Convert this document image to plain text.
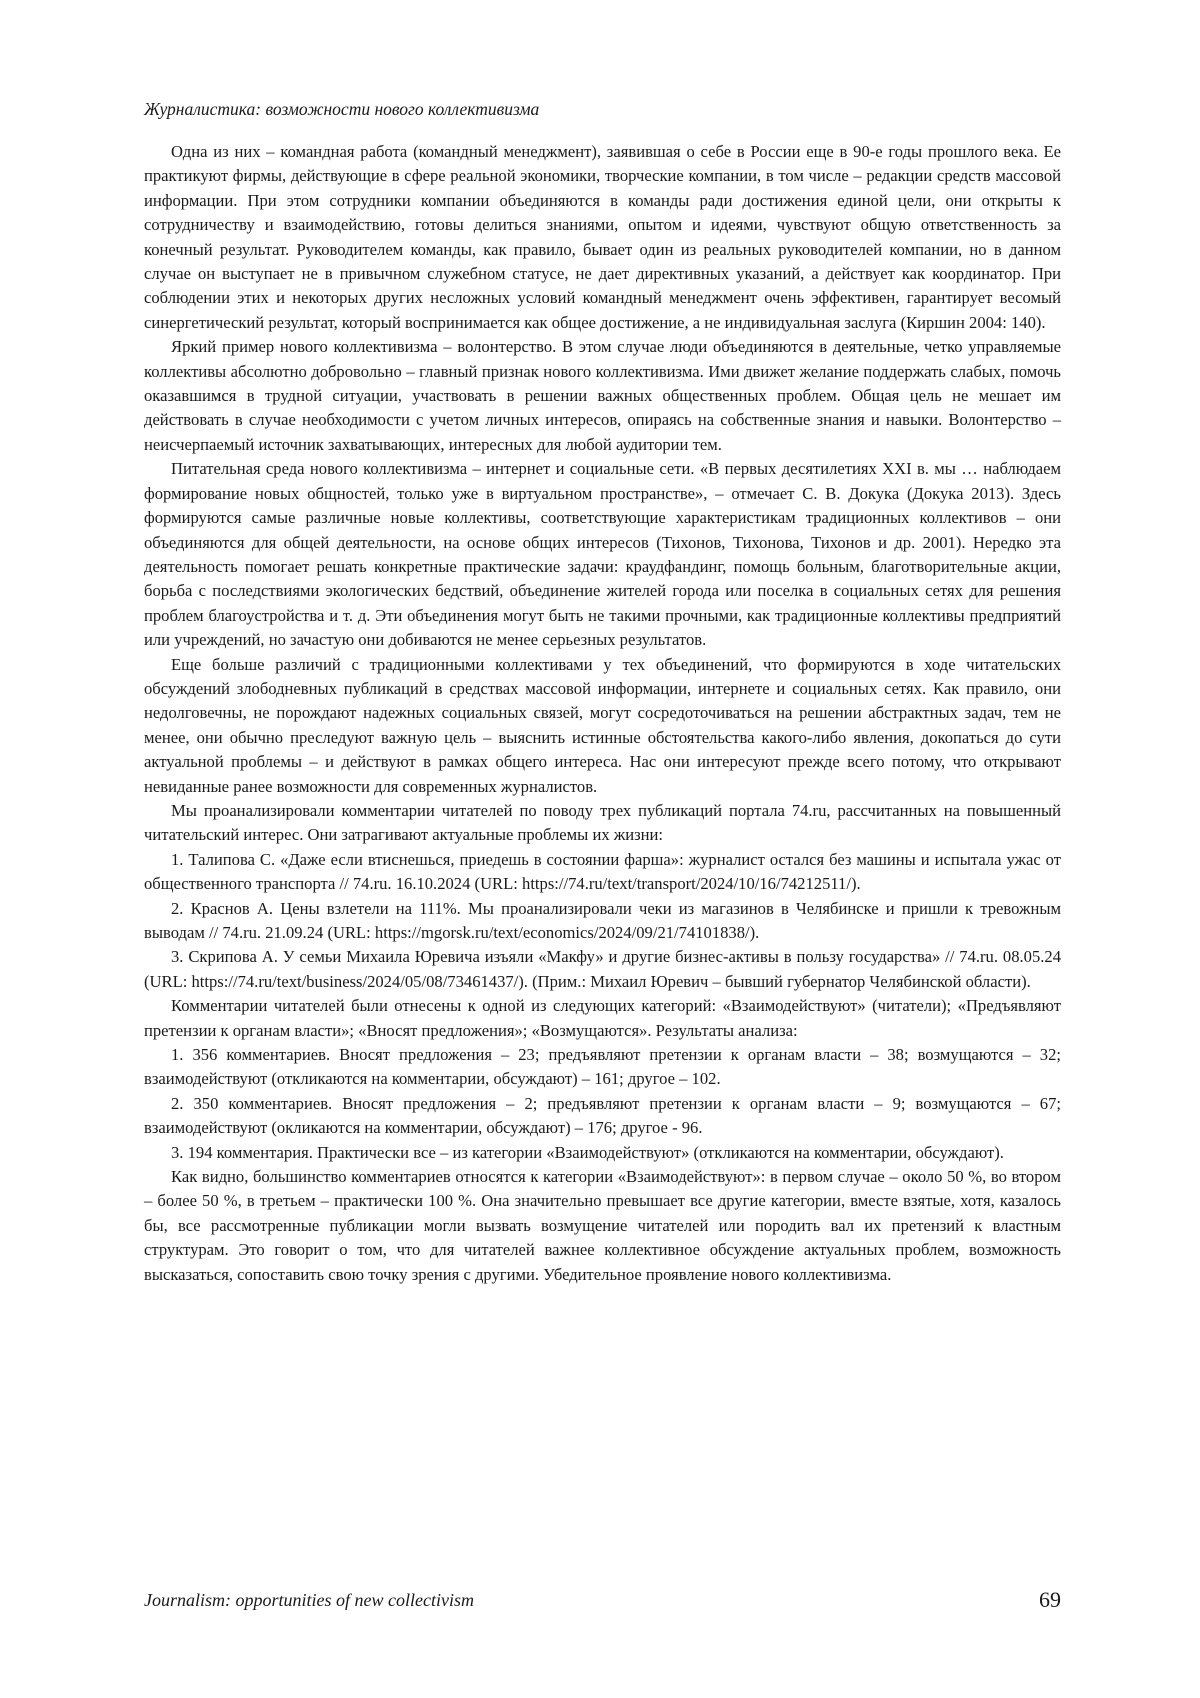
Журналистика: возможности нового коллективизма

Одна из них – командная работа (командный менеджмент), заявившая о себе в России еще в 90-е годы прошлого века. Ее практикуют фирмы, действующие в сфере реальной экономики, творческие компании, в том числе – редакции средств массовой информации. При этом сотрудники компании объединяются в команды ради достижения единой цели, они открыты к сотрудничеству и взаимодействию, готовы делиться знаниями, опытом и идеями, чувствуют общую ответственность за конечный результат. Руководителем команды, как правило, бывает один из реальных руководителей компании, но в данном случае он выступает не в привычном служебном статусе, не дает директивных указаний, а действует как координатор. При соблюдении этих и некоторых других несложных условий командный менеджмент очень эффективен, гарантирует весомый синергетический результат, который воспринимается как общее достижение, а не индивидуальная заслуга (Киршин 2004: 140).

Яркий пример нового коллективизма – волонтерство. В этом случае люди объединяются в деятельные, четко управляемые коллективы абсолютно добровольно – главный признак нового коллективизма. Ими движет желание поддержать слабых, помочь оказавшимся в трудной ситуации, участвовать в решении важных общественных проблем. Общая цель не мешает им действовать в случае необходимости с учетом личных интересов, опираясь на собственные знания и навыки. Волонтерство – неисчерпаемый источник захватывающих, интересных для любой аудитории тем.

Питательная среда нового коллективизма – интернет и социальные сети. «В первых десятилетиях XXI в. мы … наблюдаем формирование новых общностей, только уже в виртуальном пространстве», – отмечает С. В. Докука (Докука 2013). Здесь формируются самые различные новые коллективы, соответствующие характеристикам традиционных коллективов – они объединяются для общей деятельности, на основе общих интересов (Тихонов, Тихонова, Тихонов и др. 2001). Нередко эта деятельность помогает решать конкретные практические задачи: краудфандинг, помощь больным, благотворительные акции, борьба с последствиями экологических бедствий, объединение жителей города или поселка в социальных сетях для решения проблем благоустройства и т. д. Эти объединения могут быть не такими прочными, как традиционные коллективы предприятий или учреждений, но зачастую они добиваются не менее серьезных результатов.

Еще больше различий с традиционными коллективами у тех объединений, что формируются в ходе читательских обсуждений злободневных публикаций в средствах массовой информации, интернете и социальных сетях. Как правило, они недолговечны, не порождают надежных социальных связей, могут сосредоточиваться на решении абстрактных задач, тем не менее, они обычно преследуют важную цель – выяснить истинные обстоятельства какого-либо явления, докопаться до сути актуальной проблемы – и действуют в рамках общего интереса. Нас они интересуют прежде всего потому, что открывают невиданные ранее возможности для современных журналистов.

Мы проанализировали комментарии читателей по поводу трех публикаций портала 74.ru, рассчитанных на повышенный читательский интерес. Они затрагивают актуальные проблемы их жизни:

1. Талипова С. «Даже если втиснешься, приедешь в состоянии фарша»: журналист остался без машины и испытала ужас от общественного транспорта // 74.ru. 16.10.2024 (URL: https://74.ru/text/transport/2024/10/16/74212511/).

2. Краснов А. Цены взлетели на 111%. Мы проанализировали чеки из магазинов в Челябинске и пришли к тревожным выводам // 74.ru. 21.09.24 (URL: https://mgorsk.ru/text/economics/2024/09/21/74101838/).

3. Скрипова А. У семьи Михаила Юревича изъяли «Макфу» и другие бизнес-активы в пользу государства» // 74.ru. 08.05.24 (URL: https://74.ru/text/business/2024/05/08/73461437/). (Прим.: Михаил Юревич – бывший губернатор Челябинской области).

Комментарии читателей были отнесены к одной из следующих категорий: «Взаимодействуют» (читатели); «Предъявляют претензии к органам власти»; «Вносят предложения»; «Возмущаются». Результаты анализа:

1. 356 комментариев. Вносят предложения – 23; предъявляют претензии к органам власти – 38; возмущаются – 32; взаимодействуют (откликаются на комментарии, обсуждают) – 161; другое – 102.

2. 350 комментариев. Вносят предложения – 2; предъявляют претензии к органам власти – 9; возмущаются – 67; взаимодействуют (окликаются на комментарии, обсуждают) – 176; другое - 96.

3. 194 комментария. Практически все – из категории «Взаимодействуют» (откликаются на комментарии, обсуждают).

Как видно, большинство комментариев относятся к категории «Взаимодействуют»: в первом случае – около 50 %, во втором – более 50 %, в третьем – практически 100 %. Она значительно превышает все другие категории, вместе взятые, хотя, казалось бы, все рассмотренные публикации могли вызвать возмущение читателей или породить вал их претензий к властным структурам. Это говорит о том, что для читателей важнее коллективное обсуждение актуальных проблем, возможность высказаться, сопоставить свою точку зрения с другими. Убедительное проявление нового коллективизма.

Journalism: opportunities of new collectivism	69
